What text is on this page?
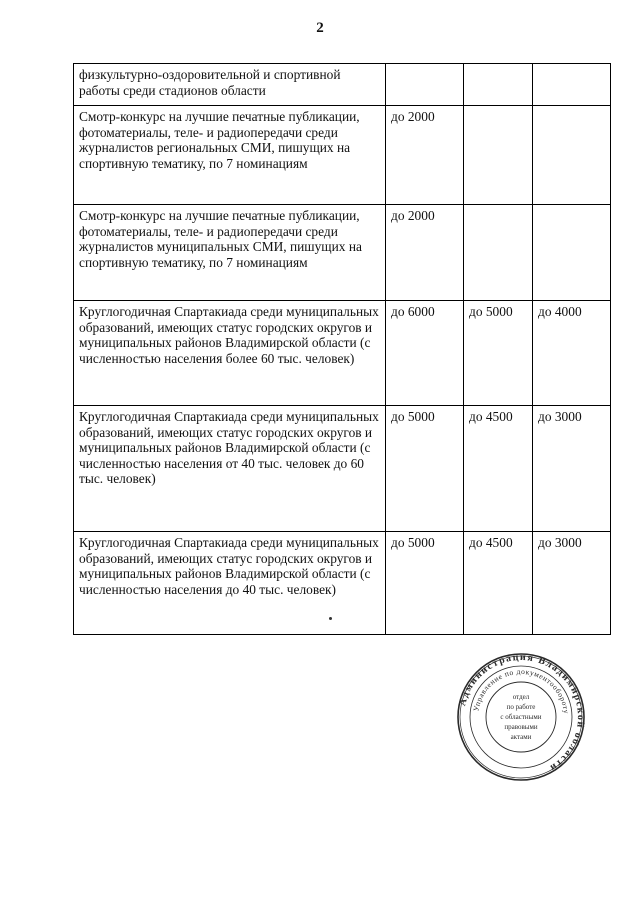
2
физкультурно-оздоровительной и спортивной работы среди стадионов области			
Смотр-конкурс на лучшие печатные публикации, фотоматериалы, теле- и радиопередачи среди журналистов региональных СМИ, пишущих на спортивную тематику, по 7 номинациям	до 2000		
Смотр-конкурс на лучшие печатные публикации, фотоматериалы, теле- и радиопередачи среди журналистов муниципальных СМИ, пишущих на спортивную тематику, по 7 номинациям	до 2000		
Круглогодичная Спартакиада среди муниципальных образований, имеющих статус городских округов и муниципальных районов Владимирской области (с численностью населения более 60 тыс. человек)	до 6000	до 5000	до 4000
Круглогодичная Спартакиада среди муниципальных образований, имеющих статус городских округов и муниципальных районов Владимирской области (с численностью населения от 40 тыс. человек до 60 тыс. человек)	до 5000	до 4500	до 3000
Круглогодичная Спартакиада среди муниципальных образований, имеющих статус городских округов и муниципальных районов Владимирской области (с численностью населения до 40 тыс. человек)	до 5000	до 4500	до 3000
Администрация Владимирской области
Управление по документообороту
отдел
по работе
с областными
правовыми
актами
